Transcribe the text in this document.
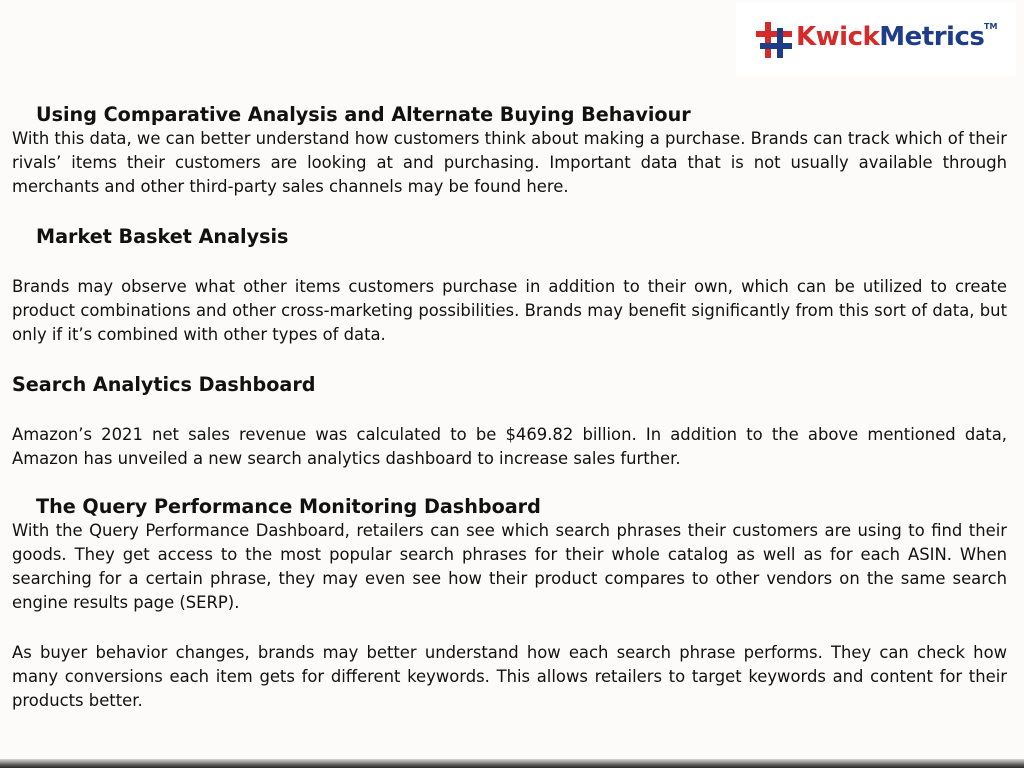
KwickMetrics TM
Using Comparative Analysis and Alternate Buying Behaviour

With this data, we can better understand how customers think about making a purchase. Brands can track which of their rivals’ items their customers are looking at and purchasing. Important data that is not usually available through merchants and other third-party sales channels may be found here.

Market Basket Analysis

Brands may observe what other items customers purchase in addition to their own, which can be utilized to create product combinations and other cross-marketing possibilities. Brands may benefit significantly from this sort of data, but only if it’s combined with other types of data.

Search Analytics Dashboard

Amazon’s 2021 net sales revenue was calculated to be $469.82 billion. In addition to the above mentioned data, Amazon has unveiled a new search analytics dashboard to increase sales further.

The Query Performance Monitoring Dashboard

With the Query Performance Dashboard, retailers can see which search phrases their customers are using to find their goods. They get access to the most popular search phrases for their whole catalog as well as for each ASIN. When searching for a certain phrase, they may even see how their product compares to other vendors on the same search engine results page (SERP).

As buyer behavior changes, brands may better understand how each search phrase performs. They can check how many conversions each item gets for different keywords. This allows retailers to target keywords and content for their products better.
